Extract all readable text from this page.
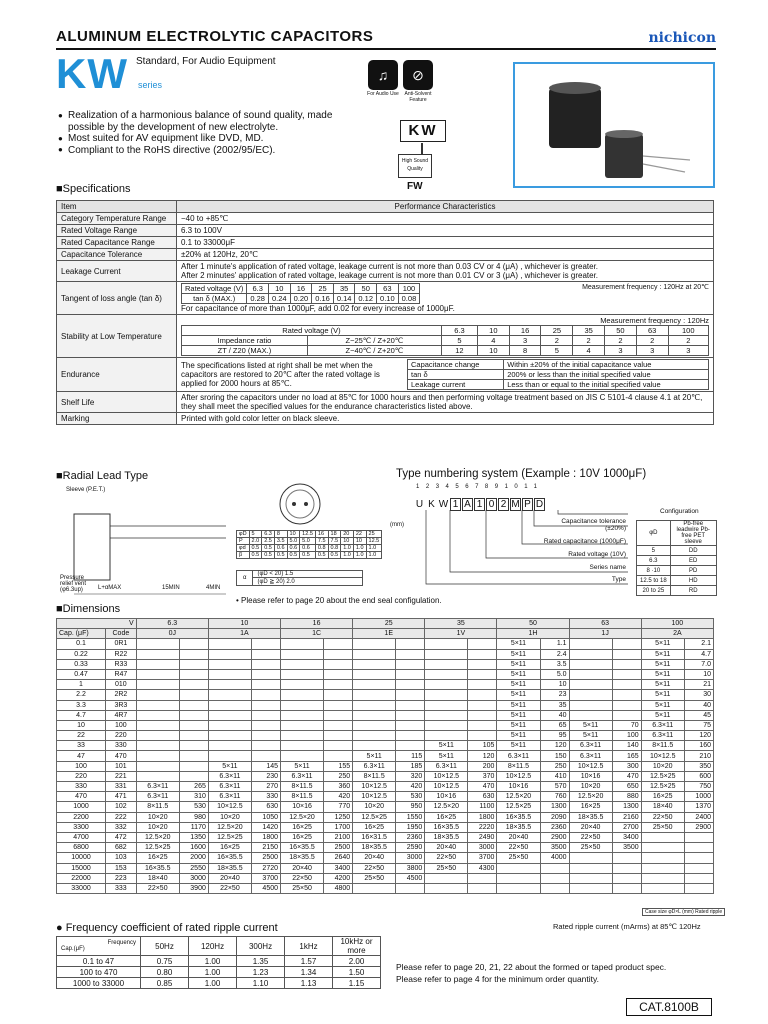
ALUMINUM ELECTROLYTIC CAPACITORS	nichicon
KW Standard, For Audio Equipment
series
● Realization of a harmonious balance of sound quality, made possible by the development of new electrolyte.
● Most suited for AV equipment like DVD, MD.
● Compliant to the RoHS directive (2002/95/EC).
♫	⊘
For Audio Use	Anti-Solvent Feature
KW
High Sound Quality
FW
■Specifications
Item	Performance Characteristics
Category Temperature Range	−40 to +85℃
Rated Voltage Range	6.3 to 100V
Rated Capacitance Range	0.1 to 33000μF
Capacitance Tolerance	±20% at 120Hz, 20℃
Leakage Current	After 1 minute's application of rated voltage, leakage current is not more than 0.03 CV or 4 (μA) , whichever is greater.
After 2 minutes' application of rated voltage, leakage current is not more than 0.01 CV or 3 (μA) , whichever is greater.

Tangent of loss angle (tan δ)	
Rated voltage (V)	6.3	10	16	25	35	50	63	100
tan δ (MAX.)	0.28	0.24	0.20	0.16	0.14	0.12	0.10	0.08
Measurement frequency : 120Hz at 20℃
For capacitance of more than 1000μF, add 0.02 for every increase of 1000μF.

Stability at Low Temperature	
Measurement frequency : 120Hz
Rated voltage (V)	6.3	10	16	25	35	50	63	100
Impedance ratio	Z−25℃ / Z+20℃	5	4	3	2	2	2	2	2
ZT / Z20 (MAX.)	Z−40℃ / Z+20℃	12	10	8	5	4	3	3	3

Endurance	
The specifications listed at right shall be met when the capacitors are restored to 20℃ after the rated voltage is applied for 2000 hours at 85℃.
Capacitance change	Within ±20% of the initial capacitance value
tan δ	200% or less than the initial specified value
Leakage current	Less than or equal to the initial specified value

Shelf Life	After sroring the capacitors under no load at 85℃ for 1000 hours and then performing voltage treatment based on JIS C 5101-4 clause 4.1 at 20℃, they shall meet the specified values for the endurance characteristics listed above.
Marking	Printed with gold color letter on black sleeve.
■Radial Lead Type
Sleeve (P.E.T.)
Pressure relief vent (φ6.3up)	L+αMAX	15MIN	4MIN
(mm)
φD	5	6.3	8	10	12.5	16	18	20	22	25
P	2.0	2.5	3.5	5.0	5.0	7.5	7.5	10	10	12.5
φd	0.5	0.5	0.6	0.6	0.6	0.8	0.8	1.0	1.0	1.0
β	0.5	0.5	0.5	0.5	0.5	0.5	0.5	1.0	1.0	1.0
α	(φD < 20) 1.5
(φD ≧ 20) 2.0
• Please refer to page 20 about the end seal configulation.
Type numbering system (Example : 10V 1000μF)
1234567891011
U K W 1 A 1 0 2 M P D
Configuration
Capacitance tolerance (±20%)
Rated capacitance (1000μF)
Rated voltage (10V)
Series name
Type
φD	Pb-free leadwire Pb-free PET sleeve
5	DD
6.3	ED
8 ·10	PD
12.5 to 18	HD
20 to 25	RD
■Dimensions
V		6.3		10		16		25		35		50		63		100	
Cap. (μF)	Code	0J		1A		1C		1E		1V		1H		1J		2A	
0.1	0R1											5×11	1.1			5×11	2.1
0.22	R22											5×11	2.4			5×11	4.7
0.33	R33											5×11	3.5			5×11	7.0
0.47	R47											5×11	5.0			5×11	10
1	010											5×11	10			5×11	21
2.2	2R2											5×11	23			5×11	30
3.3	3R3											5×11	35			5×11	40
4.7	4R7											5×11	40			5×11	45
10	100											5×11	65	5×11	70	6.3×11	75
22	220											5×11	95	5×11	100	6.3×11	120
33	330									5×11	105	5×11	120	6.3×11	140	8×11.5	160
47	470							5×11	115	5×11	120	6.3×11	150	6.3×11	165	10×12.5	210
100	101			5×11	145	5×11	155	6.3×11	185	6.3×11	200	8×11.5	250	10×12.5	300	10×20	350
220	221			6.3×11	230	6.3×11	250	8×11.5	320	10×12.5	370	10×12.5	410	10×16	470	12.5×25	600
330	331	6.3×11	265	6.3×11	270	8×11.5	360	10×12.5	420	10×12.5	470	10×16	570	10×20	650	12.5×25	750
470	471	6.3×11	310	6.3×11	330	8×11.5	420	10×12.5	530	10×16	630	12.5×20	760	12.5×20	880	16×25	1000
1000	102	8×11.5	530	10×12.5	630	10×16	770	10×20	950	12.5×20	1100	12.5×25	1300	16×25	1300	18×40	1370
2200	222	10×20	980	10×20	1050	12.5×20	1250	12.5×25	1550	16×25	1800	16×35.5	2090	18×35.5	2160	22×50	2400
3300	332	10×20	1170	12.5×20	1420	16×25	1700	16×25	1950	16×35.5	2220	18×35.5	2360	20×40	2700	25×50	2900
4700	472	12.5×20	1350	12.5×25	1800	16×25	2100	16×31.5	2360	18×35.5	2490	20×40	2900	22×50	3400		
6800	682	12.5×25	1600	16×25	2150	16×35.5	2500	18×35.5	2590	20×40	3000	22×50	3500	25×50	3500		
10000	103	16×25	2000	16×35.5	2500	18×35.5	2640	20×40	3000	22×50	3700	25×50	4000				
15000	153	16×35.5	2550	18×35.5	2720	20×40	3400	22×50	3800	25×50	4300						
22000	223	18×40	3000	20×40	3700	22×50	4200	25×50	4500								
33000	333	22×50	3900	22×50	4500	25×50	4800										
Case size φD×L (mm) Rated ripple
Rated ripple current (mArms) at 85℃ 120Hz
● Frequency coefficient of rated ripple current
Frequency

Cap.(μF)	50Hz	120Hz	300Hz	1kHz	10kHz or more
0.1 to 47	0.75	1.00	1.35	1.57	2.00
100 to 470	0.80	1.00	1.23	1.34	1.50
1000 to 33000	0.85	1.00	1.10	1.13	1.15
Please refer to page 20, 21, 22 about the formed or taped product spec.
Please refer to page 4 for the minimum order quantity.
CAT.8100B
